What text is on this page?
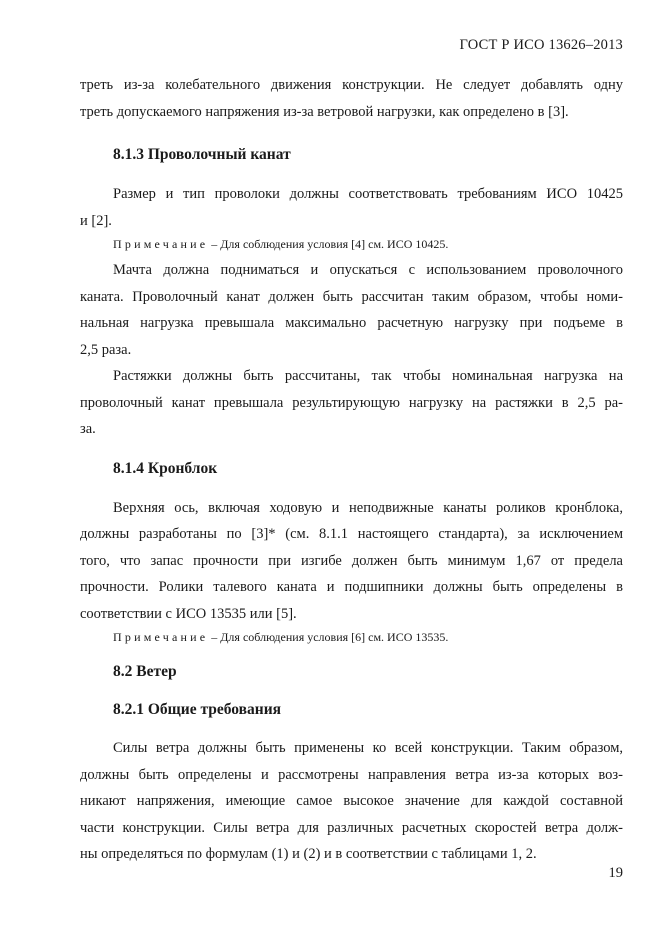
ГОСТ Р ИСО 13626–2013

треть из-за колебательного движения конструкции. Не следует добавлять одну
треть допускаемого напряжения из-за ветровой нагрузки, как определено в [3].

8.1.3 Проволочный канат

Размер и тип проволоки должны соответствовать требованиям ИСО 10425
и [2].

Примечание – Для соблюдения условия [4] см. ИСО 10425.

Мачта должна подниматься и опускаться с использованием проволочного
каната. Проволочный канат должен быть рассчитан таким образом, чтобы номи-
нальная нагрузка превышала максимально расчетную нагрузку при подъеме в
2,5 раза.

Растяжки должны быть рассчитаны, так чтобы номинальная нагрузка на
проволочный канат превышала результирующую нагрузку на растяжки в 2,5 ра-
за.

8.1.4 Кронблок

Верхняя ось, включая ходовую и неподвижные канаты роликов кронблока,
должны разработаны по [3]* (см. 8.1.1 настоящего стандарта), за исключением
того, что запас прочности при изгибе должен быть минимум 1,67 от предела
прочности. Ролики талевого каната и подшипники должны быть определены в
соответствии с ИСО 13535 или [5].

Примечание – Для соблюдения условия [6] см. ИСО 13535.

8.2 Ветер
8.2.1 Общие требования

Силы ветра должны быть применены ко всей конструкции. Таким образом,
должны быть определены и рассмотрены направления ветра из-за которых воз-
никают напряжения, имеющие самое высокое значение для каждой составной
части конструкции. Силы ветра для различных расчетных скоростей ветра долж-
ны определяться по формулам (1) и (2) и в соответствии с таблицами 1, 2.

19
